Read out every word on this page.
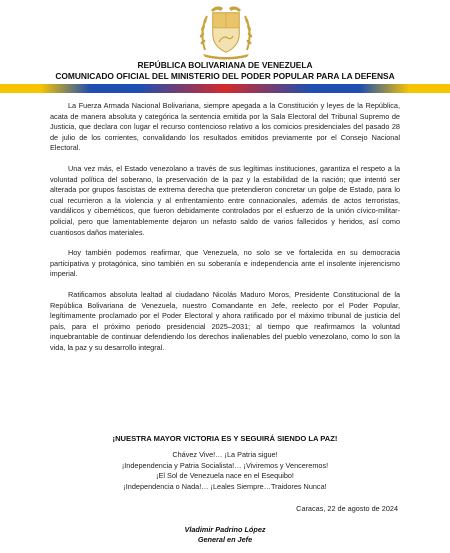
REPÚBLICA BOLIVARIANA DE VENEZUELA
COMUNICADO OFICIAL DEL MINISTERIO DEL PODER POPULAR PARA LA DEFENSA

La Fuerza Armada Nacional Bolivariana, siempre apegada a la Constitución y leyes de la República, acata de manera absoluta y categórica la sentencia emitida por la Sala Electoral del Tribunal Supremo de Justicia, que declara con lugar el recurso contencioso relativo a los comicios presidenciales del pasado 28 de julio de los corrientes, convalidando los resultados emitidos previamente por el Consejo Nacional Electoral.

Una vez más, el Estado venezolano a través de sus legítimas instituciones, garantiza el respeto a la voluntad política del soberano, la preservación de la paz y la estabilidad de la nación; que intentó ser alterada por grupos fascistas de extrema derecha que pretendieron concretar un golpe de Estado, para lo cual recurrieron a la violencia y al enfrentamiento entre connacionales, además de actos terroristas, vandálicos y cibernéticos, que fueron debidamente controlados por el esfuerzo de la unión cívico-militar-policial, pero que lamentablemente dejaron un nefasto saldo de varios fallecidos y heridos, así como cuantiosos daños materiales.

Hoy también podemos reafirmar, que Venezuela, no solo se ve fortalecida en su democracia participativa y protagónica, sino también en su soberanía e independencia ante el insolente injerencismo imperial.

Ratificamos absoluta lealtad al ciudadano Nicolás Maduro Moros, Presidente Constitucional de la República Bolivariana de Venezuela, nuestro Comandante en Jefe, reelecto por el Poder Popular, legítimamente proclamado por el Poder Electoral y ahora ratificado por el máximo tribunal de justicia del país, para el próximo periodo presidencial 2025–2031; al tiempo que reafirmamos la voluntad inquebrantable de continuar defendiendo los derechos inalienables del pueblo venezolano, como lo son la vida, la paz y su desarrollo integral.

¡NUESTRA MAYOR VICTORIA ES Y SEGUIRÁ SIENDO LA PAZ!
Chávez Vive!… ¡La Patria sigue!
¡Independencia y Patria Socialista!… ¡Viviremos y Venceremos!
¡El Sol de Venezuela nace en el Esequibo!
¡Independencia o Nada!… ¡Leales Siempre…Traidores Nunca!
Caracas, 22 de agosto de 2024
Vladimir Padrino López
General en Jefe
